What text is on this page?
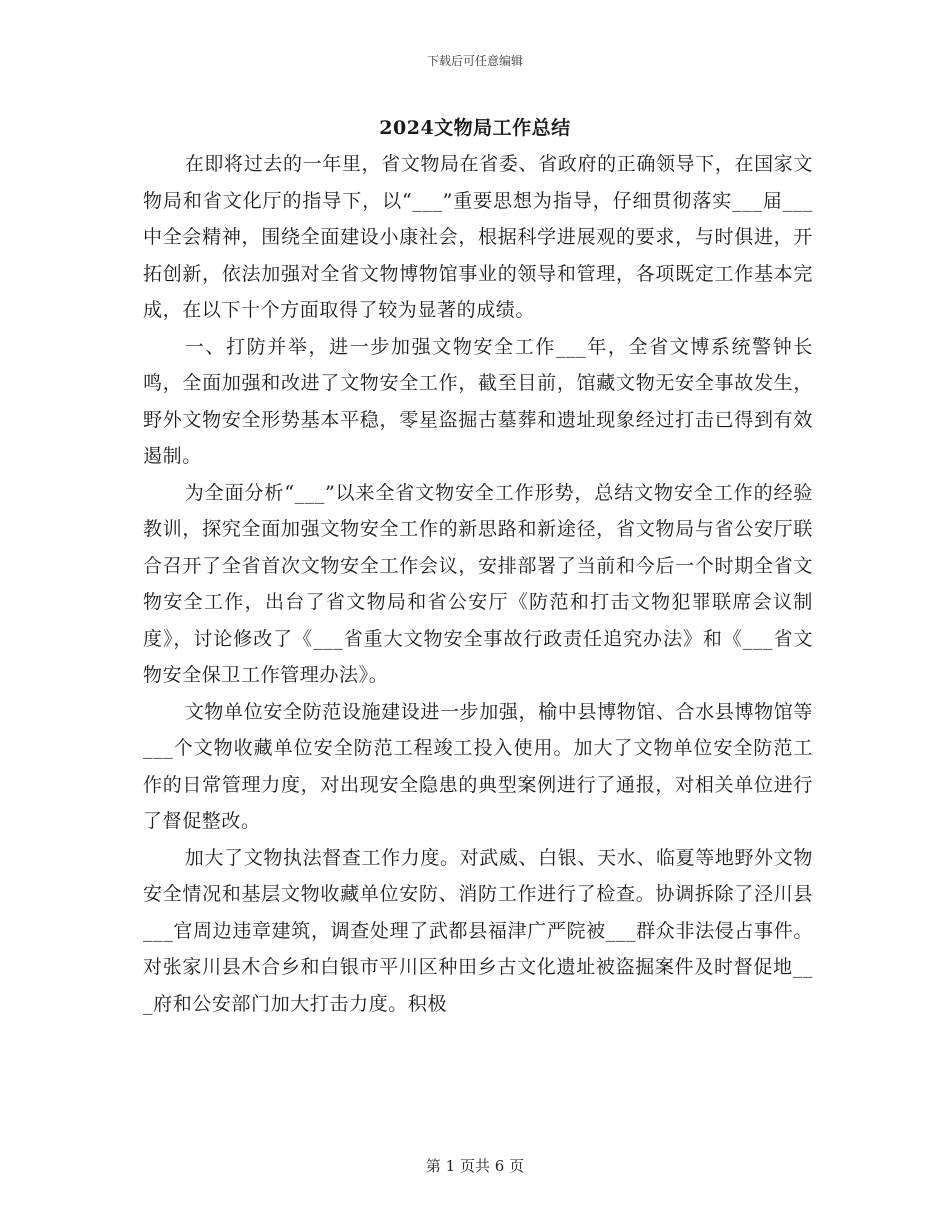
下载后可任意编辑
2024文物局工作总结

在即将过去的一年里，省文物局在省委、省政府的正确领导下，在国家文物局和省文化厅的指导下，以“___”重要思想为指导，仔细贯彻落实___届___中全会精神，围绕全面建设小康社会，根据科学进展观的要求，与时俱进，开拓创新，依法加强对全省文物博物馆事业的领导和管理，各项既定工作基本完成，在以下十个方面取得了较为显著的成绩。

一、打防并举，进一步加强文物安全工作___年，全省文博系统警钟长鸣，全面加强和改进了文物安全工作，截至目前，馆藏文物无安全事故发生，野外文物安全形势基本平稳，零星盗掘古墓葬和遗址现象经过打击已得到有效遏制。

为全面分析“___”以来全省文物安全工作形势，总结文物安全工作的经验教训，探究全面加强文物安全工作的新思路和新途径，省文物局与省公安厅联合召开了全省首次文物安全工作会议，安排部署了当前和今后一个时期全省文物安全工作，出台了省文物局和省公安厅《防范和打击文物犯罪联席会议制度》，讨论修改了《___省重大文物安全事故行政责任追究办法》和《___省文物安全保卫工作管理办法》。

文物单位安全防范设施建设进一步加强，榆中县博物馆、合水县博物馆等___个文物收藏单位安全防范工程竣工投入使用。加大了文物单位安全防范工作的日常管理力度，对出现安全隐患的典型案例进行了通报，对相关单位进行了督促整改。

加大了文物执法督查工作力度。对武威、白银、天水、临夏等地野外文物安全情况和基层文物收藏单位安防、消防工作进行了检查。协调拆除了泾川县___官周边违章建筑，调查处理了武都县福津广严院被___群众非法侵占事件。对张家川县木合乡和白银市平川区种田乡古文化遗址被盗掘案件及时督促地___府和公安部门加大打击力度。积极

第 1 页共 6 页
